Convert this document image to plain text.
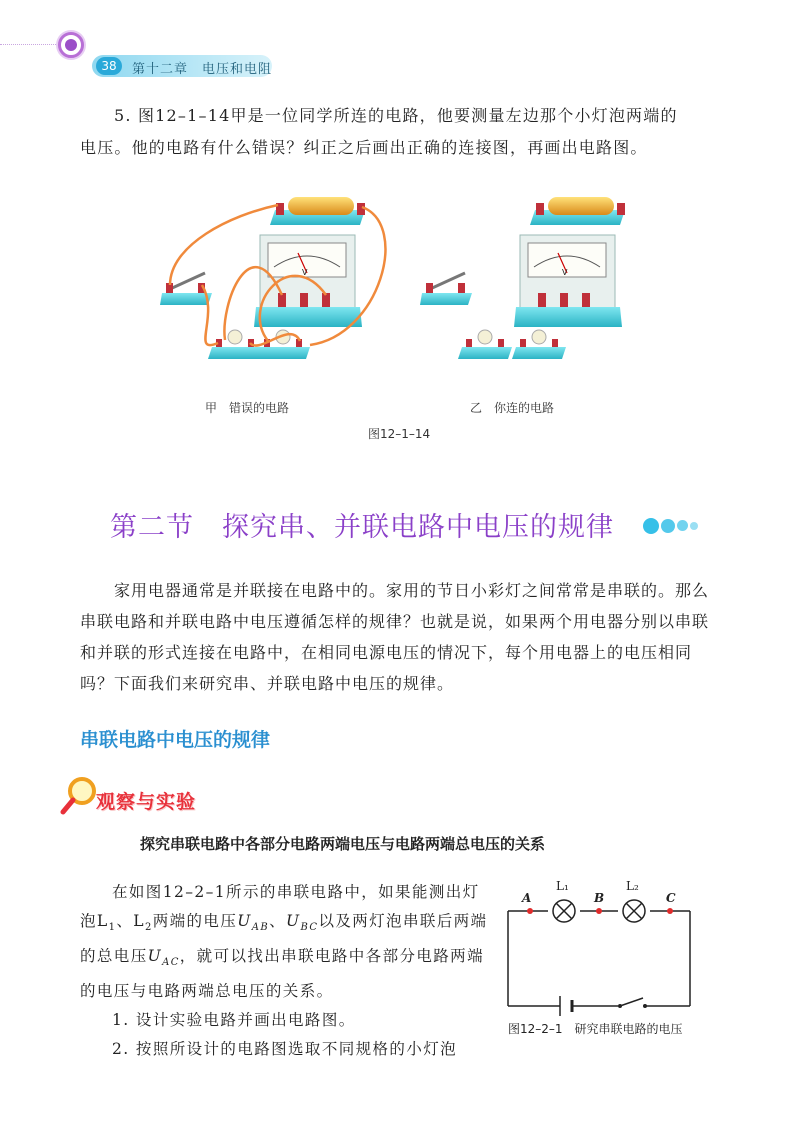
38	第十二章　电压和电阻
5. 图12–1–14甲是一位同学所连的电路，他要测量左边那个小灯泡两端的
电压。他的电路有什么错误？纠正之后画出正确的连接图，再画出电路图。
V	V
甲　错误的电路	乙　你连的电路
图12–1–14
第二节　探究串、并联电路中电压的规律

家用电器通常是并联接在电路中的。家用的节日小彩灯之间常常是串联的。那么串联电路和并联电路中电压遵循怎样的规律？也就是说，如果两个用电器分别以串联和并联的形式连接在电路中，在相同电源电压的情况下，每个用电器上的电压相同吗？下面我们来研究串、并联电路中电压的规律。

串联电路中电压的规律
观察与实验
探究串联电路中各部分电路两端电压与电路两端总电压的关系

在如图12–2–1所示的串联电路中，如果能测出灯泡$L_1$、$L_2$两端的电压$U_{AB}$、$U_{BC}$以及两灯泡串联后两端的总电压$U_{AC}$，就可以找出串联电路中各部分电路两端的电压与电路两端总电压的关系。

1. 设计实验电路并画出电路图。

2. 按照所设计的电路图选取不同规格的小灯泡

A	B	C
L₁	L₂
图12–2–1　研究串联电路的电压
